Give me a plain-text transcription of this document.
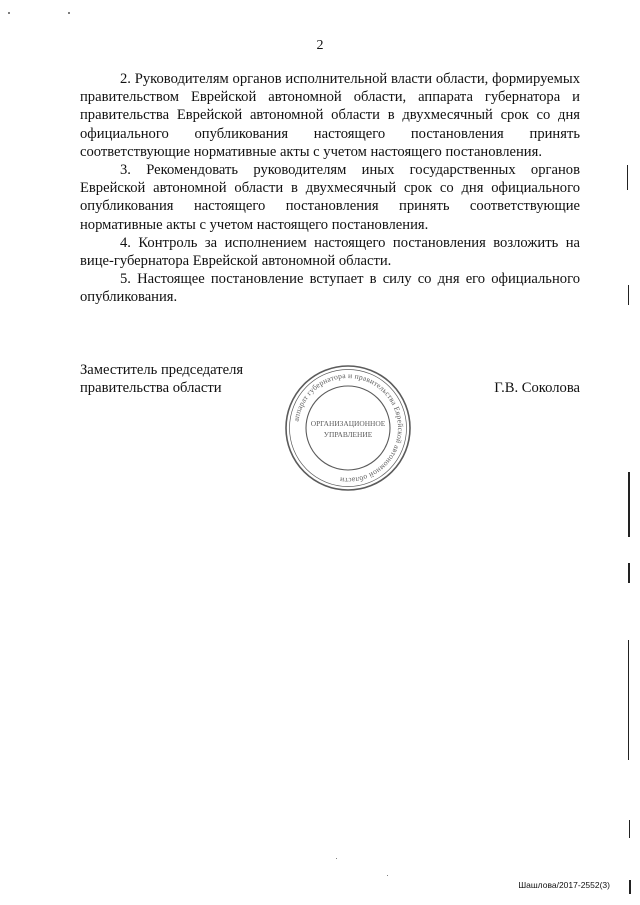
2

2. Руководителям органов исполнительной власти области, формируемых правительством Еврейской автономной области, аппарата губернатора и правительства Еврейской автономной области в двухмесячный срок со дня официального опубликования настоящего постановления принять соответствующие нормативные акты с учетом настоящего постановления.

3. Рекомендовать руководителям иных государственных органов Еврейской автономной области в двухмесячный срок со дня официального опубликования настоящего постановления принять соответствующие нормативные акты с учетом настоящего постановления.

4. Контроль за исполнением настоящего постановления возложить на вице-губернатора Еврейской автономной области.

5. Настоящее постановление вступает в силу со дня его официального опубликования.

Заместитель председателя
правительства области	Г.В. Соколова
аппарат губернатора и правительства Еврейской автономной области
ОРГАНИЗАЦИОННОЕ
УПРАВЛЕНИЕ
Шашлова/2017-2552(3)
